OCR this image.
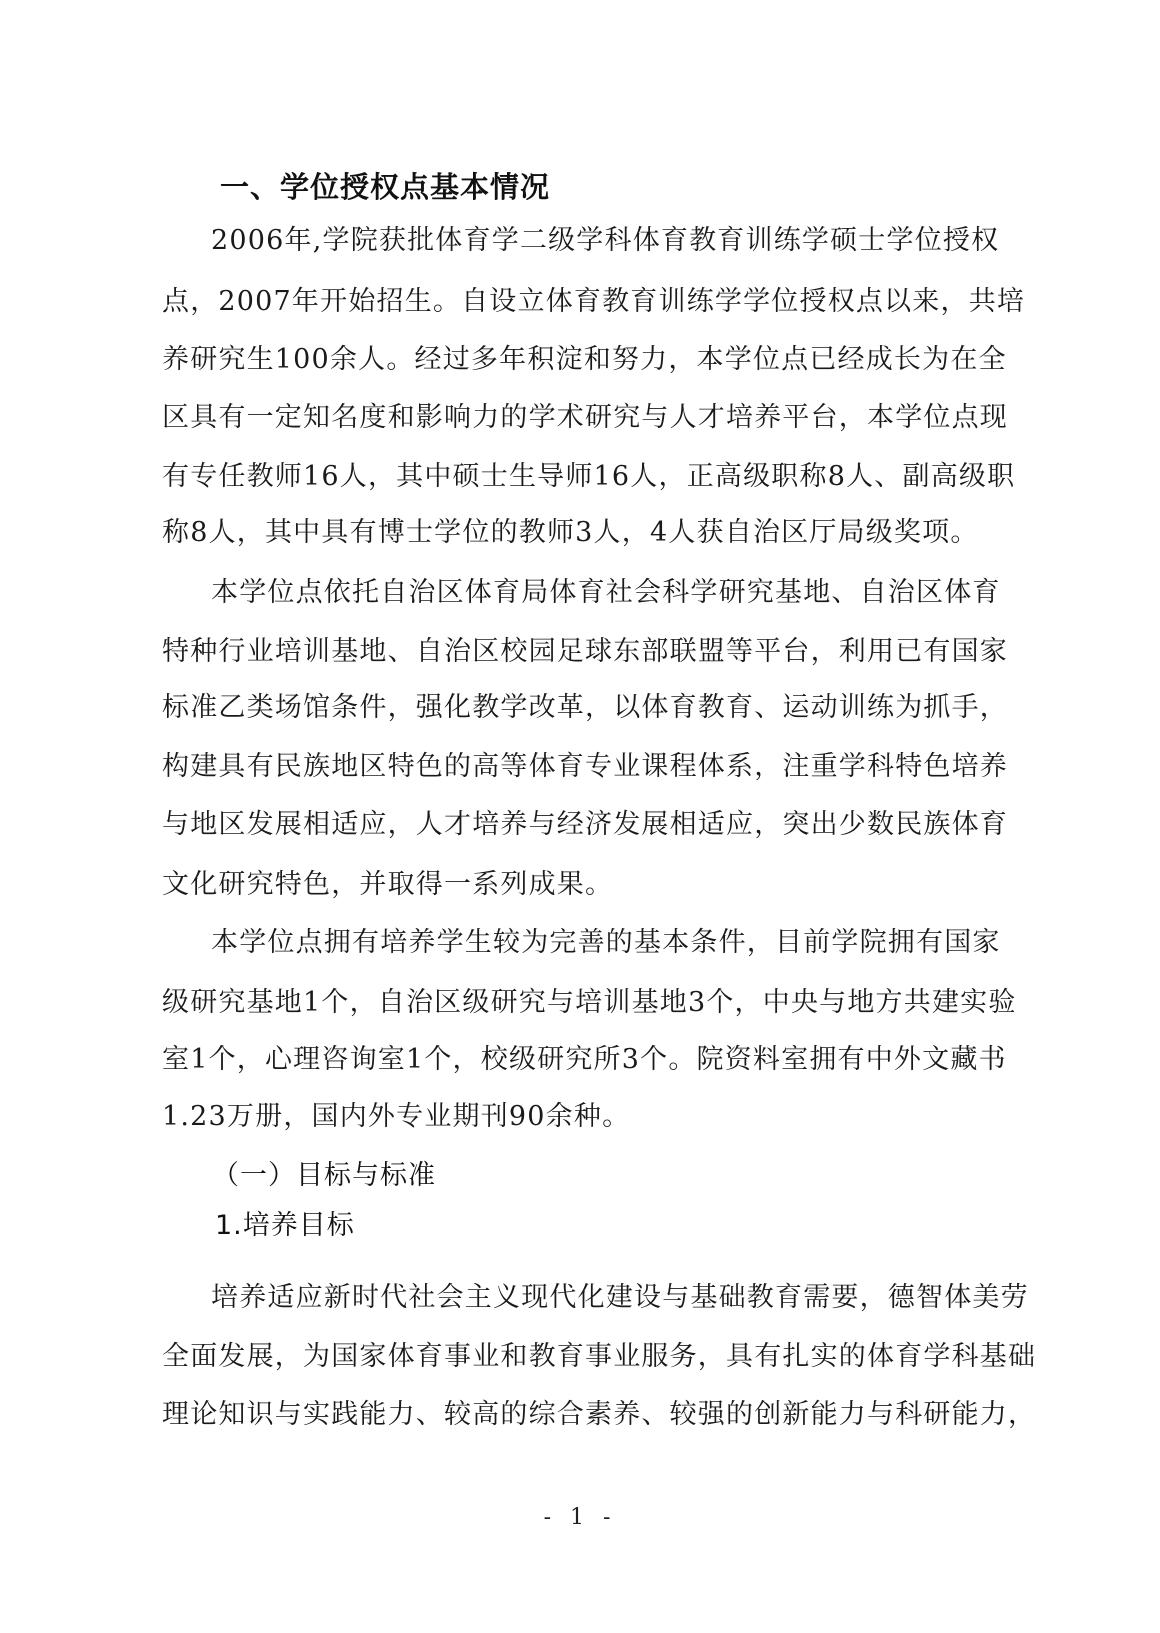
一、学位授权点基本情况
2006年,学院获批体育学二级学科体育教育训练学硕士学位授权
点，2007年开始招生。自设立体育教育训练学学位授权点以来，共培
养研究生100余人。经过多年积淀和努力，本学位点已经成长为在全
区具有一定知名度和影响力的学术研究与人才培养平台，本学位点现
有专任教师16人，其中硕士生导师16人，正高级职称8人、副高级职
称8人，其中具有博士学位的教师3人，4人获自治区厅局级奖项。
本学位点依托自治区体育局体育社会科学研究基地、自治区体育
特种行业培训基地、自治区校园足球东部联盟等平台，利用已有国家
标准乙类场馆条件，强化教学改革，以体育教育、运动训练为抓手，
构建具有民族地区特色的高等体育专业课程体系，注重学科特色培养
与地区发展相适应，人才培养与经济发展相适应，突出少数民族体育
文化研究特色，并取得一系列成果。
本学位点拥有培养学生较为完善的基本条件，目前学院拥有国家
级研究基地1个，自治区级研究与培训基地3个，中央与地方共建实验
室1个，心理咨询室1个，校级研究所3个。院资料室拥有中外文藏书
1.23万册，国内外专业期刊90余种。
（一）目标与标准
1.培养目标
培养适应新时代社会主义现代化建设与基础教育需要，德智体美劳
全面发展，为国家体育事业和教育事业服务，具有扎实的体育学科基础
理论知识与实践能力、较高的综合素养、较强的创新能力与科研能力，
- 1 -
